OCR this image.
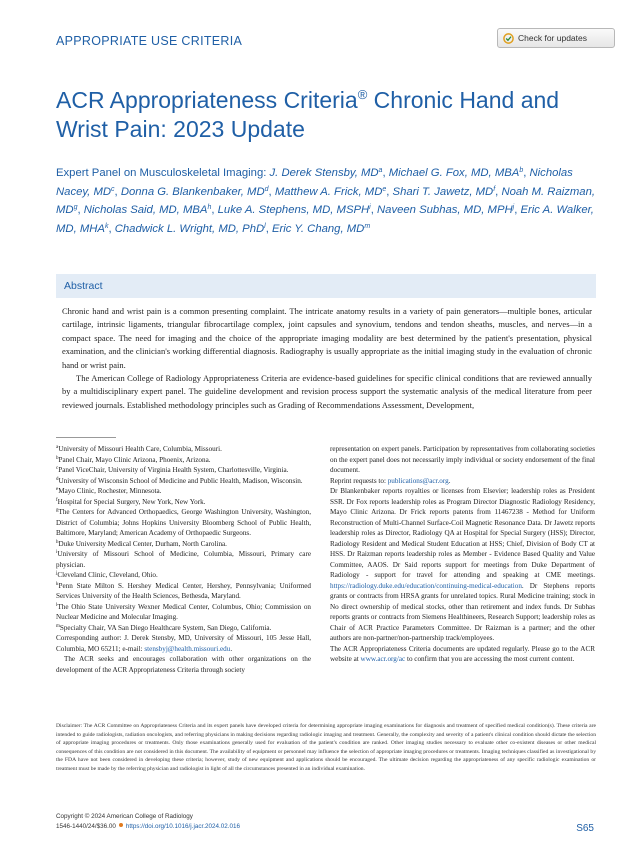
APPROPRIATE USE CRITERIA	Check for updates
ACR Appropriateness Criteria® Chronic Hand and Wrist Pain: 2023 Update
Expert Panel on Musculoskeletal Imaging: J. Derek Stensby, $MD^a$, Michael G. Fox, MD, MBA$^b$, Nicholas Nacey, $MD^c$, Donna G. Blankenbaker, $MD^d$, Matthew A. Frick, MDe, Shari T. Jawetz, $MD^f$, Noah M. Raizman, $MD^g$, Nicholas Said, MD, MBA$^h$, Luke A. Stephens, MD, MSPH$^i$, Naveen Subhas, MD, MPH$^j$, Eric A. Walker, MD, MHA$^k$, Chadwick L. Wright, MD, PhD$^l$, Eric Y. Chang, $MD^m$
Abstract

Chronic hand and wrist pain is a common presenting complaint. The intricate anatomy results in a variety of pain generators—multiple bones, articular cartilage, intrinsic ligaments, triangular fibrocartilage complex, joint capsules and synovium, tendons and tendon sheaths, muscles, and nerves—in a compact space. The need for imaging and the choice of the appropriate imaging modality are best determined by the patient's presentation, physical examination, and the clinician's working differential diagnosis. Radiography is usually appropriate as the initial imaging study in the evaluation of chronic hand or wrist pain.

The American College of Radiology Appropriateness Criteria are evidence-based guidelines for specific clinical conditions that are reviewed annually by a multidisciplinary expert panel. The guideline development and revision process support the systematic analysis of the medical literature from peer reviewed journals. Established methodology principles such as Grading of Recommendations Assessment, Development,

$^a$University of Missouri Health Care, Columbia, Missouri.

$^b$Panel Chair, Mayo Clinic Arizona, Phoenix, Arizona.

$^c$Panel ViceChair, University of Virginia Health System, Charlottesville, Virginia.

$^d$University of Wisconsin School of Medicine and Public Health, Madison, Wisconsin.

$^e$Mayo Clinic, Rochester, Minnesota.

$^f$Hospital for Special Surgery, New York, New York.

$^g$The Centers for Advanced Orthopaedics, George Washington University, Washington, District of Columbia; Johns Hopkins University Bloomberg School of Public Health, Baltimore, Maryland; American Academy of Orthopaedic Surgeons.

$^h$Duke University Medical Center, Durham, North Carolina.

$^i$University of Missouri School of Medicine, Columbia, Missouri, Primary care physician.

$^j$Cleveland Clinic, Cleveland, Ohio.

$^k$Penn State Milton S. Hershey Medical Center, Hershey, Pennsylvania; Uniformed Services University of the Health Sciences, Bethesda, Maryland.

$^l$The Ohio State University Wexner Medical Center, Columbus, Ohio; Commission on Nuclear Medicine and Molecular Imaging.

$^m$Specialty Chair, VA San Diego Healthcare System, San Diego, California.

Corresponding author: J. Derek Stensby, MD, University of Missouri, 105 Jesse Hall, Columbia, MO 65211; e-mail: stensbyj@health.missouri.edu.

The ACR seeks and encourages collaboration with other organizations on the development of the ACR Appropriateness Criteria through society

representation on expert panels. Participation by representatives from collaborating societies on the expert panel does not necessarily imply individual or society endorsement of the final document.

Reprint requests to: publications@acr.org.

Dr Blankenbaker reports royalties or licenses from Elsevier; leadership roles as President SSR. Dr Fox reports leadership roles as Program Director Diagnostic Radiology Residency, Mayo Clinic Arizona. Dr Frick reports patents from 11467238 - Method for Uniform Reconstruction of Multi-Channel Surface-Coil Magnetic Resonance Data. Dr Jawetz reports leadership roles as Director, Radiology QA at Hospital for Special Surgery (HSS); Director, Radiology Resident and Medical Student Education at HSS; Chief, Division of Body CT at HSS. Dr Raizman reports leadership roles as Member - Evidence Based Quality and Value Committee, AAOS. Dr Said reports support for meetings from Duke Department of Radiology - support for travel for attending and speaking at CME meetings. https://radiology.duke.edu/education/continuing-medical-education. Dr Stephens reports grants or contracts from HRSA grants for unrelated topics. Rural Medicine training; stock in No direct ownership of medical stocks, other than retirement and index funds. Dr Subhas reports grants or contracts from Siemens Healthineers, Research Support; leadership roles as Chair of ACR Practice Parameters Committee. Dr Raizman is a partner; and the other authors are non-partner/non-partnership track/employees.

The ACR Appropriateness Criteria documents are updated regularly. Please go to the ACR website at www.acr.org/ac to confirm that you are accessing the most current content.

Disclaimer: The ACR Committee on Appropriateness Criteria and its expert panels have developed criteria for determining appropriate imaging examinations for diagnosis and treatment of specified medical condition(s). These criteria are intended to guide radiologists, radiation oncologists, and referring physicians in making decisions regarding radiologic imaging and treatment. Generally, the complexity and severity of a patient's clinical condition should dictate the selection of appropriate imaging procedures or treatments. Only those examinations generally used for evaluation of the patient's condition are ranked. Other imaging studies necessary to evaluate other co-existent diseases or other medical consequences of this condition are not considered in this document. The availability of equipment or personnel may influence the selection of appropriate imaging procedures or treatments. Imaging techniques classified as investigational by the FDA have not been considered in developing these criteria; however, study of new equipment and applications should be encouraged. The ultimate decision regarding the appropriateness of any specific radiologic examination or treatment must be made by the referring physician and radiologist in light of all the circumstances presented in an individual examination.
Copyright © 2024 American College of Radiology
1546-1440/24/$36.00 https://doi.org/10.1016/j.jacr.2024.02.016	S65
